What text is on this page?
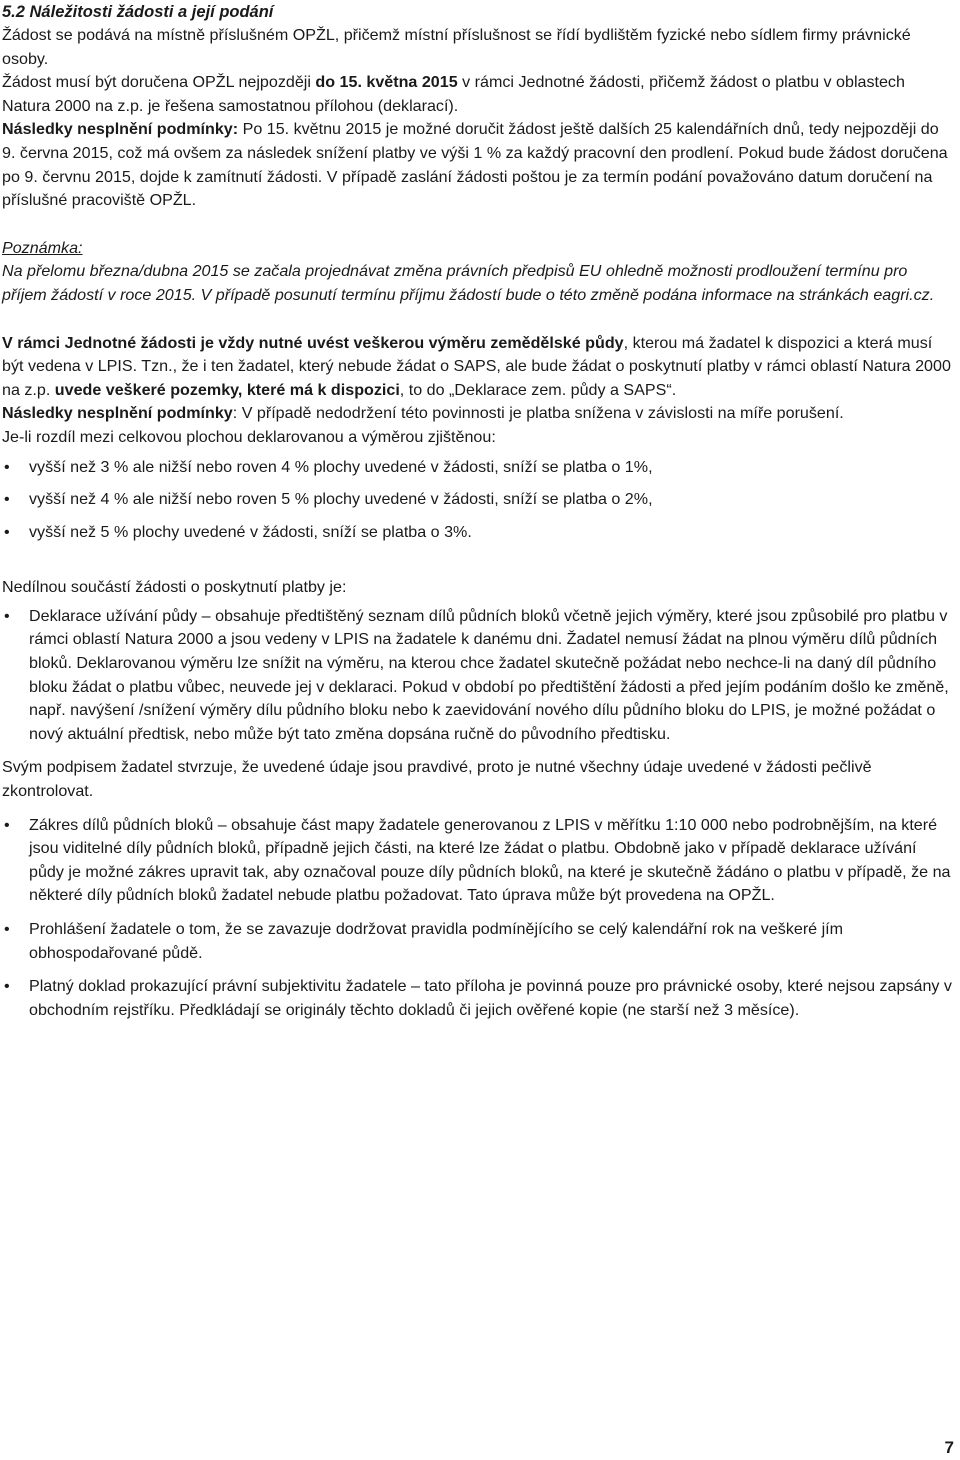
5.2 Náležitosti žádosti a její podání

Žádost se podává na místně příslušném OPŽL, přičemž místní příslušnost se řídí bydlištěm fyzické nebo sídlem firmy právnické osoby.

Žádost musí být doručena OPŽL nejpozději do 15. května 2015 v rámci Jednotné žádosti, přičemž žádost o platbu v oblastech Natura 2000 na z.p. je řešena samostatnou přílohou (deklarací).

Následky nesplnění podmínky: Po 15. květnu 2015 je možné doručit žádost ještě dalších 25 kalendářních dnů, tedy nejpozději do 9. června 2015, což má ovšem za následek snížení platby ve výši 1 % za každý pracovní den prodlení. Pokud bude žádost doručena po 9. červnu 2015, dojde k zamítnutí žádosti. V případě zaslání žádosti poštou je za termín podání považováno datum doručení na příslušné pracoviště OPŽL.

Poznámka:

Na přelomu března/dubna 2015 se začala projednávat změna právních předpisů EU ohledně možnosti prodloužení termínu pro příjem žádostí v roce 2015. V případě posunutí termínu příjmu žádostí bude o této změně podána informace na stránkách eagri.cz.

V rámci Jednotné žádosti je vždy nutné uvést veškerou výměru zemědělské půdy, kterou má žadatel k dispozici a která musí být vedena v LPIS. Tzn., že i ten žadatel, který nebude žádat o SAPS, ale bude žádat o poskytnutí platby v rámci oblastí Natura 2000 na z.p. uvede veškeré pozemky, které má k dispozici, to do „Deklarace zem. půdy a SAPS“.

Následky nesplnění podmínky: V případě nedodržení této povinnosti je platba snížena v závislosti na míře porušení.

Je-li rozdíl mezi celkovou plochou deklarovanou a výměrou zjištěnou:

• vyšší než 3 % ale nižší nebo roven 4 % plochy uvedené v žádosti, sníží se platba o 1%,
• vyšší než 4 % ale nižší nebo roven 5 % plochy uvedené v žádosti, sníží se platba o 2%,
• vyšší než 5 % plochy uvedené v žádosti, sníží se platba o 3%.

Nedílnou součástí žádosti o poskytnutí platby je:

• Deklarace užívání půdy – obsahuje předtištěný seznam dílů půdních bloků včetně jejich výměry, které jsou způsobilé pro platbu v rámci oblastí Natura 2000 a jsou vedeny v LPIS na žadatele k danému dni. Žadatel nemusí žádat na plnou výměru dílů půdních bloků. Deklarovanou výměru lze snížit na výměru, na kterou chce žadatel skutečně požádat nebo nechce-li na daný díl půdního bloku žádat o platbu vůbec, neuvede jej v deklaraci. Pokud v období po předtištění žádosti a před jejím podáním došlo ke změně, např. navýšení /snížení výměry dílu půdního bloku nebo k zaevidování nového dílu půdního bloku do LPIS, je možné požádat o nový aktuální předtisk, nebo může být tato změna dopsána ručně do původního předtisku.

Svým podpisem žadatel stvrzuje, že uvedené údaje jsou pravdivé, proto je nutné všechny údaje uvedené v žádosti pečlivě zkontrolovat.

• Zákres dílů půdních bloků – obsahuje část mapy žadatele generovanou z LPIS v měřítku 1:10 000 nebo podrobnějším, na které jsou viditelné díly půdních bloků, případně jejich části, na které lze žádat o platbu. Obdobně jako v případě deklarace užívání půdy je možné zákres upravit tak, aby označoval pouze díly půdních bloků, na které je skutečně žádáno o platbu v případě, že na některé díly půdních bloků žadatel nebude platbu požadovat. Tato úprava může být provedena na OPŽL.
• Prohlášení žadatele o tom, že se zavazuje dodržovat pravidla podmínějícího se celý kalendářní rok na veškeré jím obhospodařované půdě.
• Platný doklad prokazující právní subjektivitu žadatele – tato příloha je povinná pouze pro právnické osoby, které nejsou zapsány v obchodním rejstříku. Předkládají se originály těchto dokladů či jejich ověřené kopie (ne starší než 3 měsíce).
7
